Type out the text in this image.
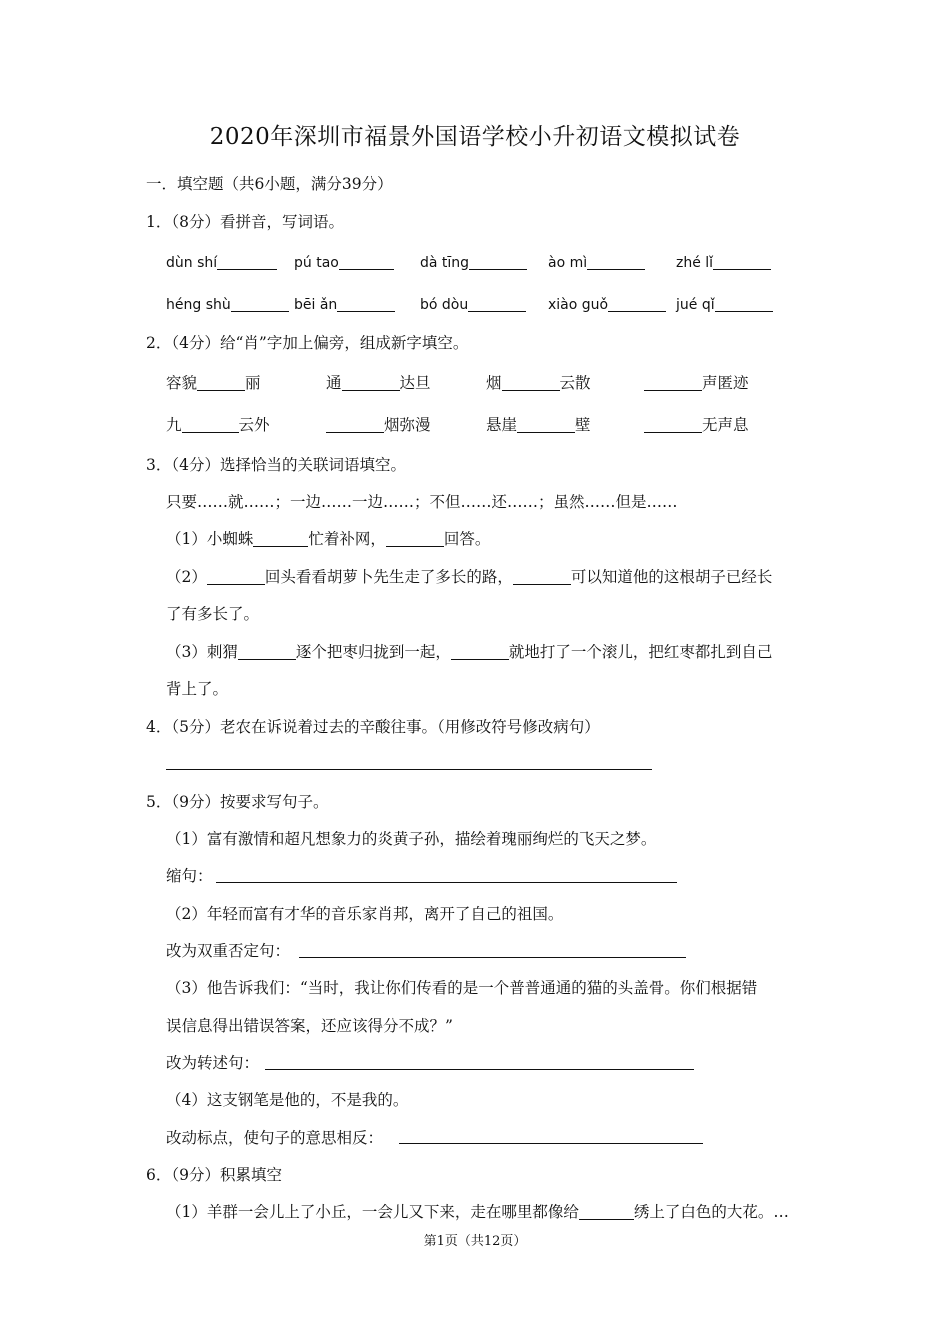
2020年深圳市福景外国语学校小升初语文模拟试卷
一．填空题（共6小题，满分39分）
1．（8分）看拼音，写词语。
dùn shí	pú tao	dà tīng	ào mì	zhé lǐ
héng shù	bēi ǎn	bó dòu	xiào guǒ	jué qǐ
2．（4分）给“肖”字加上偏旁，组成新字填空。
容貌	丽	通	达旦	烟	云散	声匿迹
九	云外	烟弥漫	悬崖	壁	无声息
3．（4分）选择恰当的关联词语填空。
只要……就……；一边……一边……；不但……还……；虽然……但是……
（1）小蜘蛛	忙着补网，	回答。
（2）	回头看看胡萝卜先生走了多长的路，	可以知道他的这根胡子已经长
了有多长了。
（3）刺猬	逐个把枣归拢到一起，	就地打了一个滚儿，把红枣都扎到自己
背上了。
4．（5分）老农在诉说着过去的辛酸往事。（用修改符号修改病句）
5．（9分）按要求写句子。
（1）富有激情和超凡想象力的炎黄子孙，描绘着瑰丽绚烂的飞天之梦。
缩句：
（2）年轻而富有才华的音乐家肖邦，离开了自己的祖国。
改为双重否定句：
（3）他告诉我们：“当时，我让你们传看的是一个普普通通的猫的头盖骨。你们根据错
误信息得出错误答案，还应该得分不成？”
改为转述句：
（4）这支钢笔是他的，不是我的。
改动标点，使句子的意思相反：
6．（9分）积累填空
（1）羊群一会儿上了小丘，一会儿又下来，走在哪里都像给	绣上了白色的大花。…
第1页（共12页）
